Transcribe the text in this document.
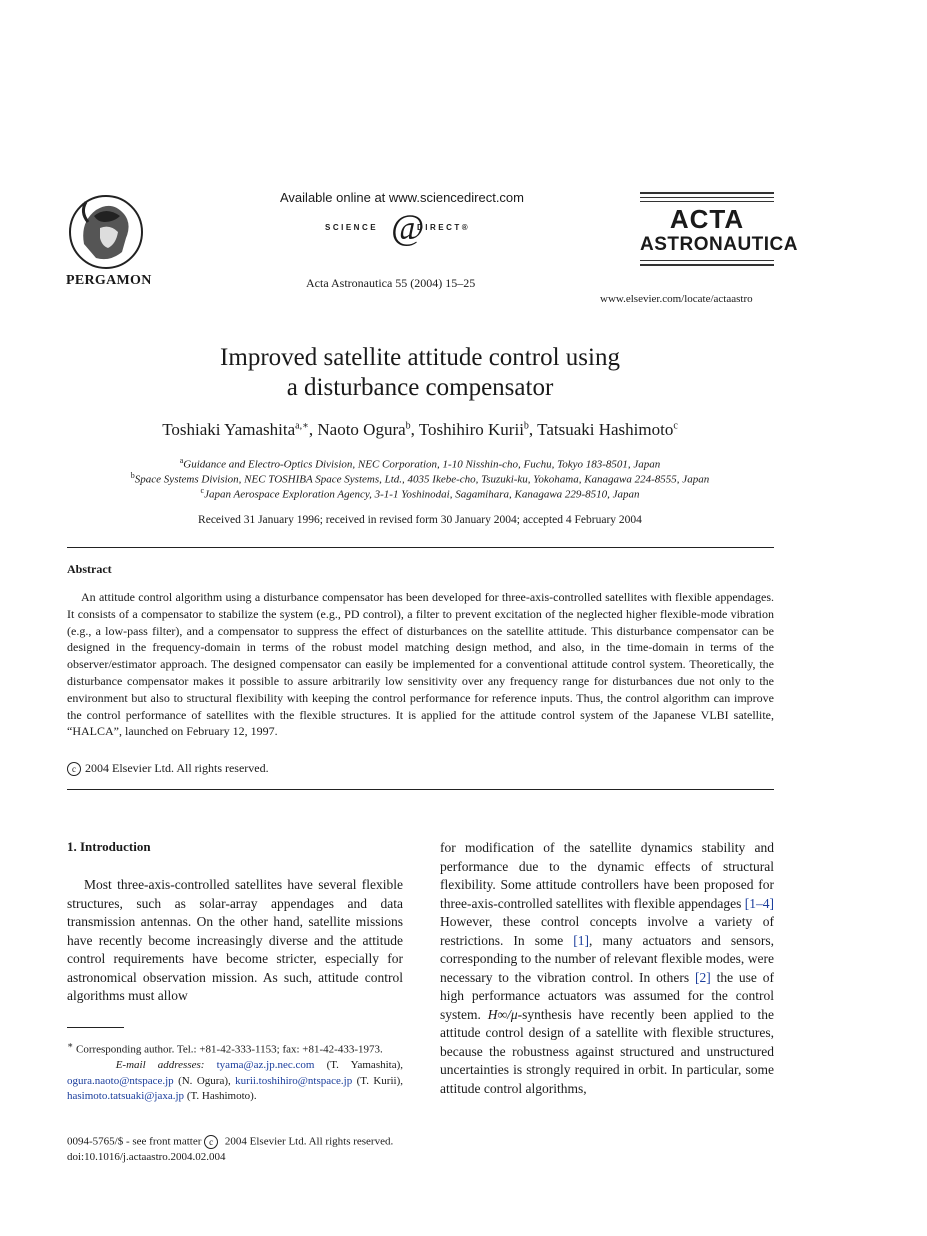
PERGAMON
Available online at www.sciencedirect.com
SCIENCE @
DIRECT®
Acta Astronautica 55 (2004) 15–25
ACTA
ASTRONAUTICA
www.elsevier.com/locate/actaastro
Improved satellite attitude control using
a disturbance compensator
Toshiaki Yamashita$^{a,∗}$, Naoto Ogura$^b$, Toshihiro Kurii$^b$, Tatsuaki Hashimoto$^c$
$^a$Guidance and Electro-Optics Division, NEC Corporation, 1-10 Nisshin-cho, Fuchu, Tokyo 183-8501, Japan
$^b$Space Systems Division, NEC TOSHIBA Space Systems, Ltd., 4035 Ikebe-cho, Tsuzuki-ku, Yokohama, Kanagawa 224-8555, Japan
$^c$Japan Aerospace Exploration Agency, 3-1-1 Yoshinodai, Sagamihara, Kanagawa 229-8510, Japan
Received 31 January 1996; received in revised form 30 January 2004; accepted 4 February 2004
Abstract

An attitude control algorithm using a disturbance compensator has been developed for three-axis-controlled satellites with flexible appendages. It consists of a compensator to stabilize the system (e.g., PD control), a filter to prevent excitation of the neglected higher flexible-mode vibration (e.g., a low-pass filter), and a compensator to suppress the effect of disturbances on the satellite attitude. This disturbance compensator can be designed in the frequency-domain in terms of the robust model matching design method, and also, in the time-domain in terms of the observer/estimator approach. The designed compensator can easily be implemented for a conventional attitude control system. Theoretically, the disturbance compensator makes it possible to assure arbitrarily low sensitivity over any frequency range for disturbances due not only to the environment but also to structural flexibility with keeping the control performance for reference inputs. Thus, the control algorithm can improve the control performance of satellites with the flexible structures. It is applied for the attitude control system of the Japanese VLBI satellite, “HALCA”, launched on February 12, 1997.

c 2004 Elsevier Ltd. All rights reserved.
1. Introduction

Most three-axis-controlled satellites have several flexible structures, such as solar-array appendages and data transmission antennas. On the other hand, satellite missions have recently become increasingly diverse and the attitude control requirements have become stricter, especially for astronomical observation mission. As such, attitude control algorithms must allow

for modification of the satellite dynamics stability and performance due to the dynamic effects of structural flexibility. Some attitude controllers have been proposed for three-axis-controlled satellites with flexible appendages [1–4] However, these control concepts involve a variety of restrictions. In some [1], many actuators and sensors, corresponding to the number of relevant flexible modes, were necessary to the vibration control. In others [2] the use of high performance actuators was assumed for the control system. H∞/μ-synthesis have recently been applied to the attitude control design of a satellite with flexible structures, because the robustness against structured and unstructured uncertainties is strongly required in orbit. In particular, some attitude control algorithms,

∗ Corresponding author. Tel.: +81-42-333-1153; fax: +81-42-433-1973.
E-mail addresses: tyama@az.jp.nec.com (T. Yamashita), ogura.naoto@ntspace.jp (N. Ogura), kurii.toshihiro@ntspace.jp (T. Kurii), hasimoto.tatsuaki@jaxa.jp (T. Hashimoto).

0094-5765/$ - see front matter c 2004 Elsevier Ltd. All rights reserved.
doi:10.1016/j.actaastro.2004.02.004
